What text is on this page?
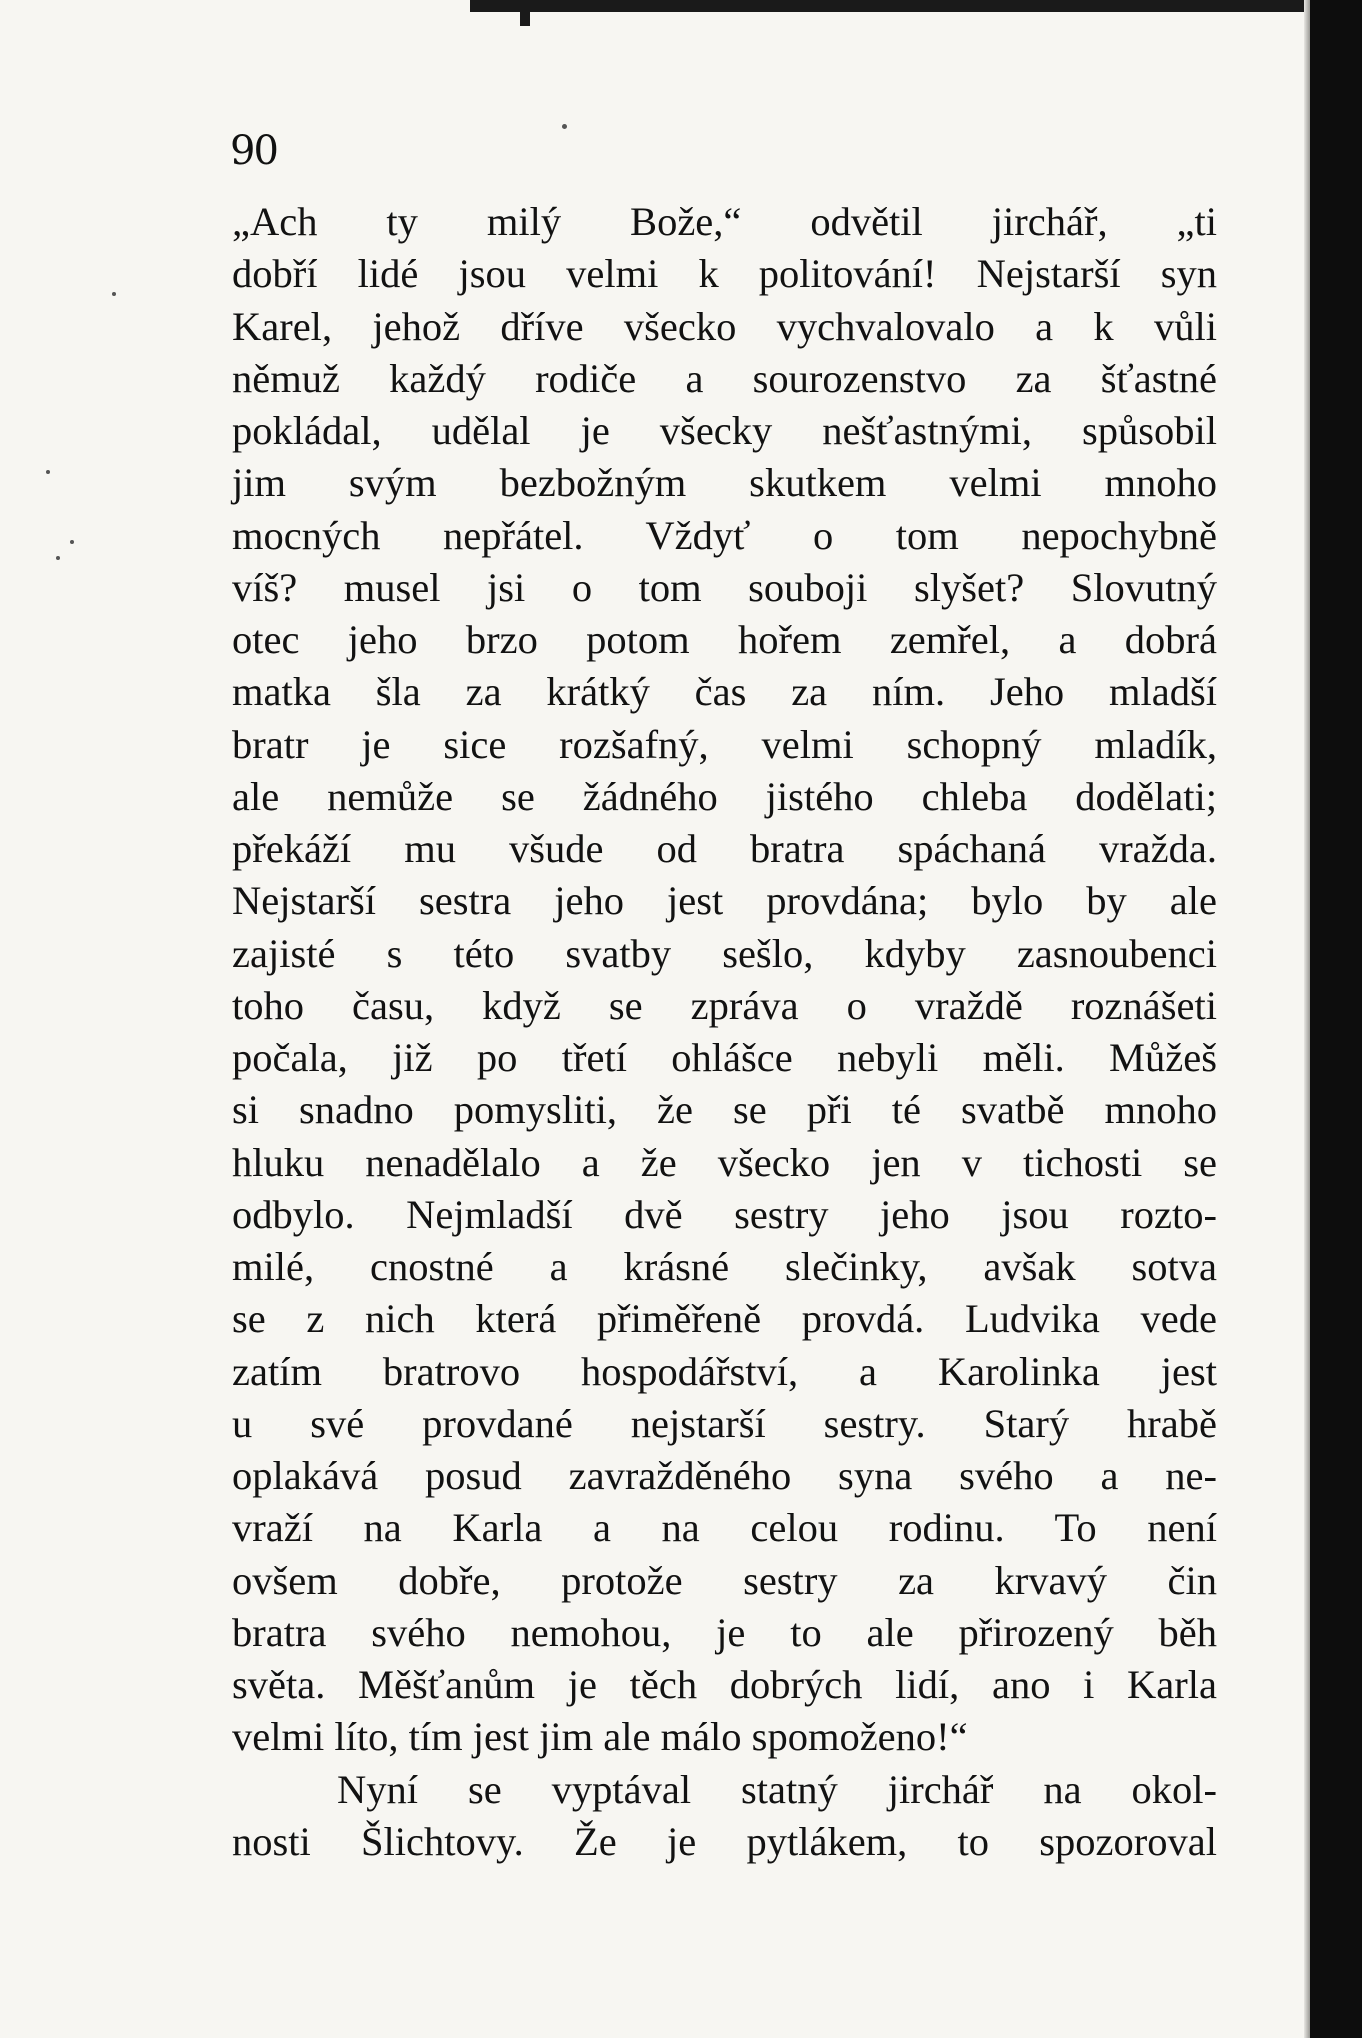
90
„Ach ty milý Bože,“ odvětil jirchář, „ti
dobří lidé jsou velmi k politování! Nejstarší syn
Karel, jehož dříve všecko vychvalovalo a k vůli
němuž každý rodiče a sourozenstvo za šťastné
pokládal, udělal je všecky nešťastnými, spůsobil
jim svým bezbožným skutkem velmi mnoho
mocných nepřátel. Vždyť o tom nepochybně
víš? musel jsi o tom souboji slyšet? Slovutný
otec jeho brzo potom hořem zemřel, a dobrá
matka šla za krátký čas za ním. Jeho mladší
bratr je sice rozšafný, velmi schopný mladík,
ale nemůže se žádného jistého chleba dodělati;
překáží mu všude od bratra spáchaná vražda.
Nejstarší sestra jeho jest provdána; bylo by ale
zajisté s této svatby sešlo, kdyby zasnoubenci
toho času, když se zpráva o vraždě roznášeti
počala, již po třetí ohlášce nebyli měli. Můžeš
si snadno pomysliti, že se při té svatbě mnoho
hluku nenadělalo a že všecko jen v tichosti se
odbylo. Nejmladší dvě sestry jeho jsou rozto-
milé, cnostné a krásné slečinky, avšak sotva
se z nich která přiměřeně provdá. Ludvika vede
zatím bratrovo hospodářství, a Karolinka jest
u své provdané nejstarší sestry. Starý hrabě
oplakává posud zavražděného syna svého a ne-
vraží na Karla a na celou rodinu. To není
ovšem dobře, protože sestry za krvavý čin
bratra svého nemohou, je to ale přirozený běh
světa. Měšťanům je těch dobrých lidí, ano i Karla
velmi líto, tím jest jim ale málo spomoženo!“
Nyní se vyptával statný jirchář na okol-
nosti Šlichtovy. Že je pytlákem, to spozoroval
